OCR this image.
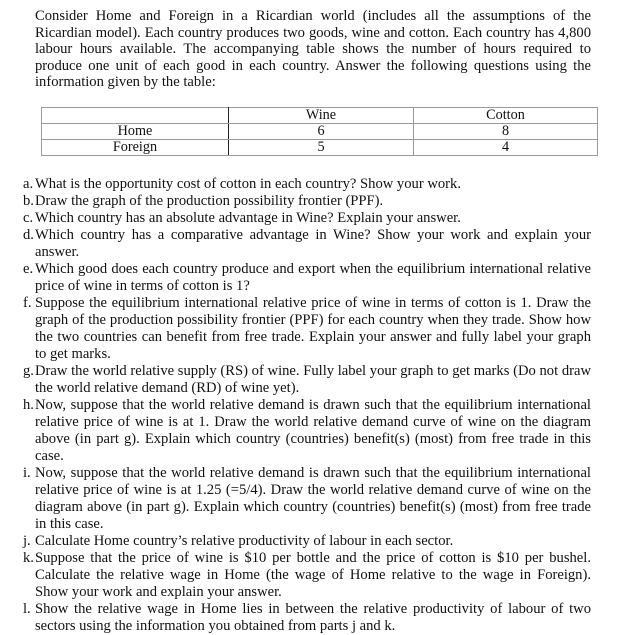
Consider Home and Foreign in a Ricardian world (includes all the assumptions of the Ricardian model). Each country produces two goods, wine and cotton. Each country has 4,800 labour hours available. The accompanying table shows the number of hours required to produce one unit of each good in each country. Answer the following questions using the information given by the table:

	Wine	Cotton
Home	6	8
Foreign	5	4
a. What is the opportunity cost of cotton in each country? Show your work.
b. Draw the graph of the production possibility frontier (PPF).
c. Which country has an absolute advantage in Wine? Explain your answer.
d. Which country has a comparative advantage in Wine? Show your work and explain your answer.
e. Which good does each country produce and export when the equilibrium international relative price of wine in terms of cotton is 1?
f. Suppose the equilibrium international relative price of wine in terms of cotton is 1. Draw the graph of the production possibility frontier (PPF) for each country when they trade. Show how the two countries can benefit from free trade. Explain your answer and fully label your graph to get marks.
g. Draw the world relative supply (RS) of wine. Fully label your graph to get marks (Do not draw the world relative demand (RD) of wine yet).
h. Now, suppose that the world relative demand is drawn such that the equilibrium international relative price of wine is at 1. Draw the world relative demand curve of wine on the diagram above (in part g). Explain which country (countries) benefit(s) (most) from free trade in this case.
i. Now, suppose that the world relative demand is drawn such that the equilibrium international relative price of wine is at 1.25 (=5/4). Draw the world relative demand curve of wine on the diagram above (in part g). Explain which country (countries) benefit(s) (most) from free trade in this case.
j. Calculate Home country’s relative productivity of labour in each sector.
k. Suppose that the price of wine is $10 per bottle and the price of cotton is $10 per bushel. Calculate the relative wage in Home (the wage of Home relative to the wage in Foreign). Show your work and explain your answer.
l. Show the relative wage in Home lies in between the relative productivity of labour of two sectors using the information you obtained from parts j and k.
